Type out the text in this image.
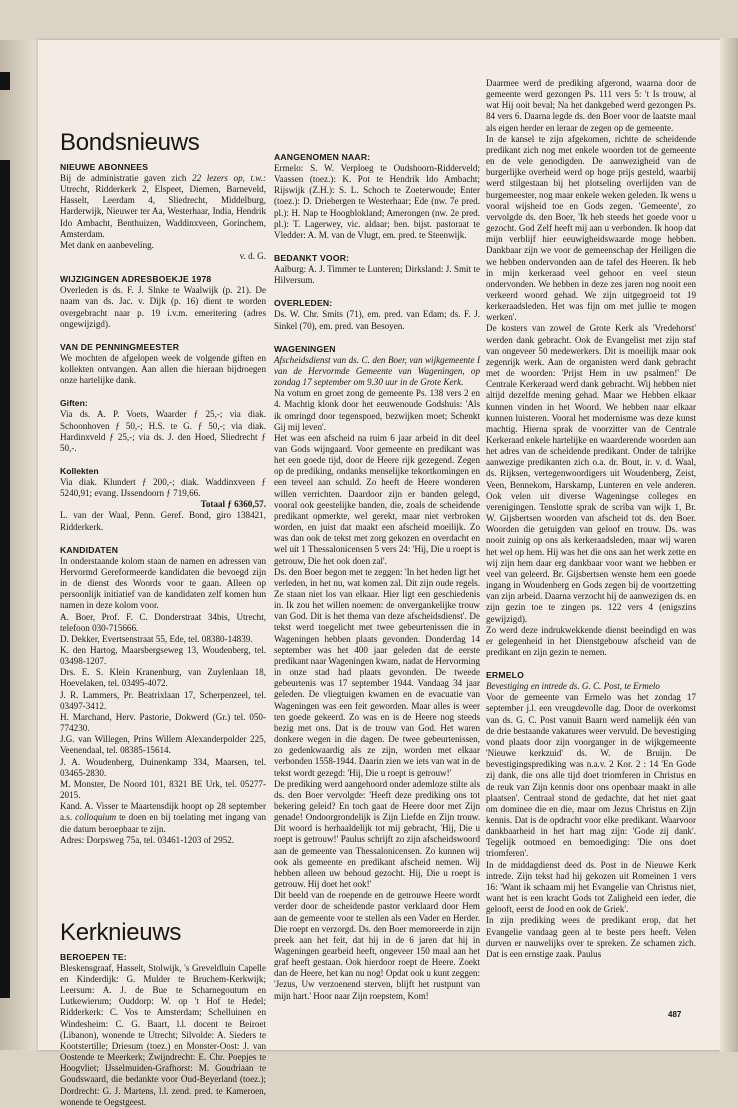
Bondsnieuws
NIEUWE ABONNEES

Bij de administratie gaven zich 22 lezers op, t.w.: Utrecht, Ridderkerk 2, Elspeet, Diemen, Barneveld, Hasselt, Leerdam 4, Sliedrecht, Middelburg, Harderwijk, Nieuwer ter Aa, Westerhaar, India, Hendrik Ido Ambacht, Benthuizen, Waddinxveen, Gorinchem, Amsterdam.

Met dank en aanbeveling.

v. d. G.

WIJZIGINGEN ADRESBOEKJE 1978

Overleden is ds. F. J. Slnke te Waalwijk (p. 21). De naam van ds. Jac. v. Dijk (p. 16) dient te worden overgebracht naar p. 19 i.v.m. emeritering (adres ongewijzigd).

VAN DE PENNINGMEESTER

We mochten de afgelopen week de volgende giften en kollekten ontvangen. Aan allen die hieraan bijdroegen onze hartelijke dank.

Giften:

Via ds. A. P. Voets, Waarder ƒ 25,-; via diak. Schoonhoven ƒ 50,-; H.S. te G. ƒ 50,-; via diak. Hardinxveld ƒ 25,-; via ds. J. den Hoed, Sliedrecht ƒ 50,-.

Kollekten

Via diak. Klundert ƒ 200,-; diak. Waddinxveen ƒ 5240,91; evang. IJssendoorn ƒ 719,66.

Totaal ƒ 6360,57.

L. van der Waal, Penn. Geref. Bond, giro 138421, Ridderkerk.

KANDIDATEN

In onderstaande kolom staan de namen en adressen van Hervormd Gereformeerde kandidaten die bevoegd zijn in de dienst des Woords voor te gaan. Alleen op persoonlijk initiatief van de kandidaten zelf komen hun namen in deze kolom voor.

A. Boer, Prof. F. C. Donderstraat 34bis, Utrecht, telefoon 030-715666.

D. Dekker, Evertsenstraat 55, Ede, tel. 08380-14839.

K. den Hartog, Maarsbergseweg 13, Woudenberg, tel. 03498-1207.

Drs. E. S. Klein Kranenburg, van Zuylenlaan 18, Hoevelaken, tel. 03495-4072.

J. R. Lammers, Pr. Beatrixlaan 17, Scherpenzeel, tel. 03497-3412.

H. Marchand, Herv. Pastorie, Dokwerd (Gr.) tel. 050-774230.

J.G. van Willegen, Prins Willem Alexanderpolder 225, Veenendaal, tel. 08385-15614.

J. A. Woudenberg, Duinenkamp 334, Maarsen, tel. 03465-2830.

M. Monster, De Noord 101, 8321 BE Urk, tel. 05277-2015.

Kand. A. Visser te Maartensdijk hoopt op 28 september a.s. colloquium te doen en bij toelating met ingang van die datum beroepbaar te zijn.

Adres: Dorpsweg 75a, tel. 03461-1203 of 2952.

Kerknieuws
BEROEPEN TE:

Bleskensgraaf, Hasselt, Stolwijk, 's Greveldluin Capelle en Kinderdijk: G. Mulder te Bruchem-Kerkwijk; Leersum: A. J. de Bue te Scharnegoutum en Lutkewierum; Ouddorp: W. op 't Hof te Hedel; Ridderkerk: C. Vos te Amsterdam; Schelluinen en Windesheim: C. G. Baart, l.l. docent te Beiroet (Libanon), wonende te Utrecht; Silvolde: A. Sieders te Kootstertille; Driesum (toez.) en Monster-Oost: J. van Oostende te Meerkerk; Zwijndrecht: E. Chr. Poepjes te Hoogvliet; IJsselmuiden-Grafhorst: M. Goudriaan te Goudswaard, die bedankte voor Oud-Beyerland (toez.); Dordrecht: G. J. Martens, l.l. zend. pred. te Kameroen, wonende te Oegstgeest.

AANGENOMEN NAAR:

Ermelo: S. W. Verploeg te Oudshoorn-Ridderveld; Vaassen (toez.): K. Pot te Hendrik Ido Ambacht; Rijswijk (Z.H.): S. L. Schoch te Zoeterwoude; Enter (toez.): D. Driebergen te Westerhaar; Ede (nw. 7e pred. pl.): H. Nap te Hoogblokland; Amerongen (nw. 2e pred. pl.): T. Lagerwey, vic. aldaar; ben. bijst. pastoraat te Vledder: A. M. van de Vlugt, em. pred. te Steenwijk.

BEDANKT VOOR:

Aalburg: A. J. Timmer te Lunteren; Dirksland: J. Smit te Hilversum.

OVERLEDEN:

Ds. W. Chr. Smits (71), em. pred. van Edam; ds. F. J. Sinkel (70), em. pred. van Besoyen.

WAGENINGEN

Afscheidsdienst van ds. C. den Boer, van wijkgemeente I van de Hervormde Gemeente van Wageningen, op zondag 17 september om 9.30 uur in de Grote Kerk.

Na votum en groet zong de gemeente Ps. 138 vers 2 en 4. Machtig klonk door het eeuwenoude Godshuis: 'Als ik omringd door tegenspoed, bezwijken moet; Schenkt Gij mij leven'.

Het was een afscheid na ruim 6 jaar arbeid in dit deel van Gods wijngaard. Voor gemeente en predikant was het een goede tijd, door de Heere rijk gezegend. Zegen op de prediking, ondanks menselijke tekortkomingen en een teveel aan schuld. Zo heeft de Heere wonderen willen verrichten. Daardoor zijn er banden gelegd, vooral ook geestelijke banden, die, zoals de scheidende predikant opmerkte, wel gerekt, maar niet verbroken worden, en juist dat maakt een afscheid moeilijk. Zo was dan ook de tekst met zorg gekozen en overdacht en wel uit 1 Thessalonicensen 5 vers 24: 'Hij, Die u roept is getrouw, Die het ook doen zal'.

Ds. den Boer begon met te zeggen: 'In het heden ligt het verleden, in het nu, wat komen zal. Dit zijn oude regels. Ze staan niet los van elkaar. Hier ligt een geschiedenis in. Ik zou het willen noemen: de onvergankelijke trouw van God. Dit is het thema van deze afscheidsdienst'. De tekst werd toegelicht met twee gebeurtenissen die in Wageningen hebben plaats gevonden. Donderdag 14 september was het 400 jaar geleden dat de eerste predikant naar Wageningen kwam, nadat de Hervorming in onze stad had plaats gevonden. De tweede gebeurtenis was 17 september 1944. Vandaag 34 jaar geleden. De vliegtuigen kwamen en de evacuatie van Wageningen was een feit geworden. Maar alles is weer ten goede gekeerd. Zo was en is de Heere nog steeds bezig met ons. Dat is de trouw van God. Het waren donkere wegen in die dagen. De twee gebeurtenissen, zo gedenkwaardig als ze zijn, worden met elkaar verbonden 1558-1944. Daarin zien we iets van wat in de tekst wordt gezegd: 'Hij, Die u roept is getrouw!'

De prediking werd aangehoord onder ademloze stilte als ds. den Boer vervolgde: 'Heeft deze prediking ons tot bekering geleid? En toch gaat de Heere door met Zijn genade! Ondoorgrondelijk is Zijn Liefde en Zijn trouw. Dit woord is herhaaldelijk tot mij gebracht, 'Hij, Die u roept is getrouw!' Paulus schrijft zo zijn afscheidswoord aan de gemeente van Thessalonicensen. Zo kunnen wij ook als gemeente en predikant afscheid nemen. Wij hebben alleen uw behoud gezocht. Hij, Die u roept is getrouw. Hij doet het ook!'

Dit beeld van de roepende en de getrouwe Heere wordt verder door de scheidende pastor verklaard door Hem aan de gemeente voor te stellen als een Vader en Herder. Die roept en verzorgd. Ds. den Boer memoreerde in zijn preek aan het feit, dat hij in de 6 jaren dat hij in Wageningen gearbeid heeft, ongeveer 150 maal aan het graf heeft gestaan. Ook hierdoor roept de Heere. Zoekt dan de Heere, het kan nu nog! Opdat ook u kunt zeggen: 'Jezus, Uw verzoenend sterven, blijft het rustpunt van mijn hart.' Hoor naar Zijn roepstem, Kom!

Daarmee werd de prediking afgerond, waarna door de gemeente werd gezongen Ps. 111 vers 5: 't Is trouw, al wat Hij ooit beval; Na het dankgebed werd gezongen Ps. 84 vers 6. Daarna legde ds. den Boer voor de laatste maal als eigen herder en leraar de zegen op de gemeente.

In de kansel te zijn afgekomen, richtte de scheidende predikant zich nog met enkele woorden tot de gemeente en de vele genodigden. De aanwezigheid van de burgerlijke overheid werd op hoge prijs gesteld, waarbij werd stilgestaan bij het plotseling overlijden van de burgemeester, nog maar enkele weken geleden. Ik wens u vooral wijsheid toe en Gods zegen. 'Gemeente', zo vervolgde ds. den Boer, 'Ik heb steeds het goede voor u gezocht. God Zelf heeft mij aan u verbonden. Ik hoop dat mijn verblijf hier eeuwigheidswaarde moge hebben. Dankbaar zijn we voor de gemeenschap der Heiligen die we hebben ondervonden aan de tafel des Heeren. Ik heb in mijn kerkeraad veel gehoor en veel steun ondervonden. We hebben in deze zes jaren nog nooit een verkeerd woord gehad. We zijn uitgegroeid tot 19 kerkeraadsleden. Het was fijn om met jullie te mogen werken'.

De kosters van zowel de Grote Kerk als 'Vredehorst' werden dank gebracht. Ook de Evangelist met zijn staf van ongeveer 50 medewerkers. Dit is moeilijk maar ook zegenrijk werk. Aan de organisten werd dank gebracht met de woorden: 'Prijst Hem in uw psalmen!' De Centrale Kerkeraad werd dank gebracht. Wij hebben niet altijd dezelfde mening gehad. Maar we Hebben elkaar kunnen vinden in het Woord. We hebben naar elkaar kunnen luisteren. Vooral het modernisme was deze kunst machtig. Hierna sprak de voorzitter van de Centrale Kerkeraad enkele hartelijke en waarderende woorden aan het adres van de scheidende predikant. Onder de talrijke aanwezige predikanten zich o.a. dr. Bout, ir. v. d. Waal, ds. Rijksen, vertegenwoordigers uit Woudenberg, Zeist, Veen, Bennekom, Harskamp, Lunteren en vele anderen. Ook velen uit diverse Wageningse colleges en verenigingen. Tenslotte sprak de scriba van wijk 1, Br. W. Gijsbertsen woorden van afscheid tot ds. den Boer. Woorden die getuigden van geloof en trouw. Ds. was nooit zuinig op ons als kerkeraadsleden, maar wij waren het wel op hem. Hij was het die ons aan het werk zette en wij zijn hem daar erg dankbaar voor want we hebben er veel van geleerd. Br. Gijsbertsen wenste hem een goede ingang in Woudenberg en Gods zegen bij de voortzetting van zijn arbeid. Daarna verzocht hij de aanwezigen ds. en zijn gezin toe te zingen ps. 122 vers 4 (enigszins gewijzigd).

Zo werd deze indrukwekkende dienst beeindigd en was er gelegenheid in het Dienstgebouw afscheid van de predikant en zijn gezin te nemen.

ERMELO

Bevestiging en intrede ds. G. C. Post, te Ermelo

Voor de gemeente van Ermelo was het zondag 17 september j.l. een vreugdevolle dag. Door de overkomst van ds. G. C. Post vanuit Baarn werd namelijk één van de drie bestaande vakatures weer vervuld. De bevestiging vond plaats door zijn voorganger in de wijkgemeente 'Nieuwe kerkzuid' ds. W. de Bruijn. De bevestigingsprediking was n.a.v. 2 Kor. 2 : 14 'En Gode zij dank, die ons alle tijd doet triomferen in Christus en de reuk van Zijn kennis door ons openbaar maakt in alle plaatsen'. Centraal stond de gedachte, dat het niet gaat om dominee die en die, maar om Jezus Christus en Zijn kennis. Dat is de opdracht voor elke predikant. Waarvoor dankbaarheid in het hart mag zijn: 'Gode zij dank'. Tegelijk ootmoed en bemoediging: 'Die ons doet triomferen'.

In de middagdienst deed ds. Post in de Nieuwe Kerk intrede. Zijn tekst had hij gekozen uit Romeinen 1 vers 16: 'Want ik schaam mij het Evangelie van Christus niet, want het is een kracht Gods tot Zaligheid een ieder, die gelooft, eerst de Jood en ook de Griek'.

In zijn prediking wees de predikant erop, dat het Evangelie vandaag geen al te beste pers heeft. Velen durven er nauwelijks over te spreken. Ze schamen zich. Dat is een ernstige zaak. Paulus

487
